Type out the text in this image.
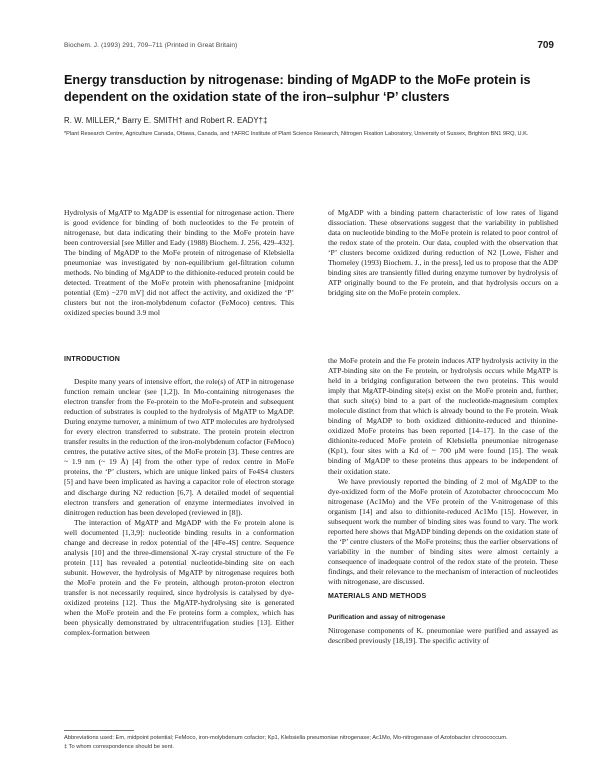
Biochem. J. (1993) 291, 709–711 (Printed in Great Britain)	709
Energy transduction by nitrogenase: binding of MgADP to the MoFe protein is dependent on the oxidation state of the iron–sulphur ‘P’ clusters
R. W. MILLER,* Barry E. SMITH† and Robert R. EADY†‡
*Plant Research Centre, Agriculture Canada, Ottawa, Canada, and †AFRC Institute of Plant Science Research, Nitrogen Fixation Laboratory, University of Sussex, Brighton BN1 9RQ, U.K.

Hydrolysis of MgATP to MgADP is essential for nitrogenase action. There is good evidence for binding of both nucleotides to the Fe protein of nitrogenase, but data indicating their binding to the MoFe protein have been controversial [see Miller and Eady (1988) Biochem. J. 256, 429–432]. The binding of MgADP to the MoFe protein of nitrogenase of Klebsiella pneumoniae was investigated by non-equilibrium gel-filtration column methods. No binding of MgADP to the dithionite-reduced protein could be detected. Treatment of the MoFe protein with phenosafranine [midpoint potential (Em) −270 mV] did not affect the activity, and oxidized the ‘P’ clusters but not the iron-molybdenum cofactor (FeMoco) centres. This oxidized species bound 3.9 mol

of MgADP with a binding pattern characteristic of low rates of ligand dissociation. These observations suggest that the variability in published data on nucleotide binding to the MoFe protein is related to poor control of the redox state of the protein. Our data, coupled with the observation that ‘P’ clusters become oxidized during reduction of N2 [Lowe, Fisher and Thorneley (1993) Biochem. J., in the press], led us to propose that the ADP binding sites are transiently filled during enzyme turnover by hydrolysis of ATP originally bound to the Fe protein, and that hydrolysis occurs on a bridging site on the MoFe protein complex.

INTRODUCTION

Despite many years of intensive effort, the role(s) of ATP in nitrogenase function remain unclear (see [1,2]). In Mo-containing nitrogenases the electron transfer from the Fe-protein to the MoFe-protein and subsequent reduction of substrates is coupled to the hydrolysis of MgATP to MgADP. During enzyme turnover, a minimum of two ATP molecules are hydrolysed for every electron transferred to substrate. The protein protein electron transfer results in the reduction of the iron-molybdenum cofactor (FeMoco) centres, the putative active sites, of the MoFe protein [3]. These centres are ~ 1.9 nm (~ 19 Å) [4] from the other type of redox centre in MoFe proteins, the ‘P’ clusters, which are unique linked pairs of Fe4S4 clusters [5] and have been implicated as having a capacitor role of electron storage and discharge during N2 reduction [6,7]. A detailed model of sequential electron transfers and generation of enzyme intermediates involved in dinitrogen reduction has been developed (reviewed in [8]).

The interaction of MgATP and MgADP with the Fe protein alone is well documented [1,3,9]: nucleotide binding results in a conformation change and decrease in redox potential of the [4Fe-4S] centre. Sequence analysis [10] and the three-dimensional X-ray crystal structure of the Fe protein [11] has revealed a potential nucleotide-binding site on each subunit. However, the hydrolysis of MgATP by nitrogenase requires both the MoFe protein and the Fe protein, although proton-proton electron transfer is not necessarily required, since hydrolysis is catalysed by dye-oxidized proteins [12]. Thus the MgATP-hydrolysing site is generated when the MoFe protein and the Fe proteins form a complex, which has been physically demonstrated by ultracentrifugation studies [13]. Either complex-formation between

the MoFe protein and the Fe protein induces ATP hydrolysis activity in the ATP-binding site on the Fe protein, or hydrolysis occurs while MgATP is held in a bridging configuration between the two proteins. This would imply that MgATP-binding site(s) exist on the MoFe protein and, further, that such site(s) bind to a part of the nucleotide-magnesium complex molecule distinct from that which is already bound to the Fe protein. Weak binding of MgADP to both oxidized dithionite-reduced and thionine-oxidized MoFe proteins has been reported [14–17]. In the case of the dithionite-reduced MoFe protein of Klebsiella pneumoniae nitrogenase (Kp1), four sites with a Kd of ~ 700 μM were found [15]. The weak binding of MgADP to these proteins thus appears to be independent of their oxidation state.

We have previously reported the binding of 2 mol of MgADP to the dye-oxidized form of the MoFe protein of Azotobacter chroococcum Mo nitrogenase (Ac1Mo) and the VFe protein of the V-nitrogenase of this organism [14] and also to dithionite-reduced Ac1Mo [15]. However, in subsequent work the number of binding sites was found to vary. The work reported here shows that MgADP binding depends on the oxidation state of the ‘P’ centre clusters of the MoFe proteins; thus the earlier observations of variability in the number of binding sites were almost certainly a consequence of inadequate control of the redox state of the protein. These findings, and their relevance to the mechanism of interaction of nucleotides with nitrogenase, are discussed.

MATERIALS AND METHODS
Purification and assay of nitrogenase

Nitrogenase components of K. pneumoniae were purified and assayed as described previously [18,19]. The specific activity of

Abbreviations used: Em, midpoint potential; FeMoco, iron-molybdenum cofactor; Kp1, Klebsiella pneumoniae nitrogenase; Ac1Mo, Mo-nitrogenase of Azotobacter chroococcum.
‡ To whom correspondence should be sent.
